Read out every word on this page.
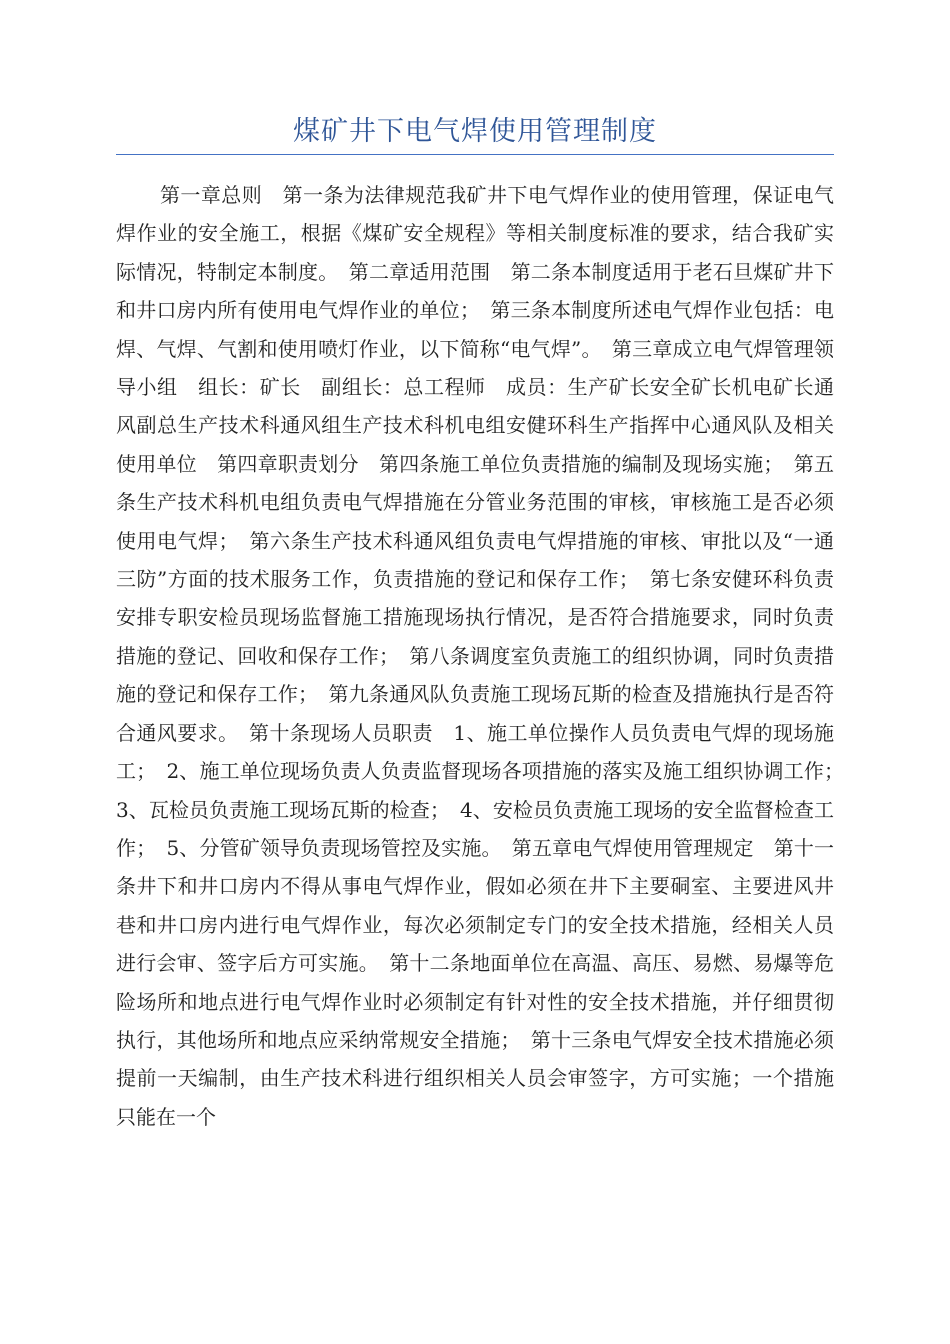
煤矿井下电气焊使用管理制度

第一章总则　第一条为法律规范我矿井下电气焊作业的使用管理，保证电气焊作业的安全施工，根据《煤矿安全规程》等相关制度标准的要求，结合我矿实际情况，特制定本制度。　第二章适用范围　第二条本制度适用于老石旦煤矿井下和井口房内所有使用电气焊作业的单位；　第三条本制度所述电气焊作业包括：电焊、气焊、气割和使用喷灯作业，以下简称“电气焊”。　第三章成立电气焊管理领导小组　组长：矿长　副组长：总工程师　成员：生产矿长安全矿长机电矿长通风副总生产技术科通风组生产技术科机电组安健环科生产指挥中心通风队及相关使用单位　第四章职责划分　第四条施工单位负责措施的编制及现场实施；　第五条生产技术科机电组负责电气焊措施在分管业务范围的审核，审核施工是否必须使用电气焊；　第六条生产技术科通风组负责电气焊措施的审核、审批以及“一通三防”方面的技术服务工作，负责措施的登记和保存工作；　第七条安健环科负责安排专职安检员现场监督施工措施现场执行情况，是否符合措施要求，同时负责措施的登记、回收和保存工作；　第八条调度室负责施工的组织协调，同时负责措施的登记和保存工作；　第九条通风队负责施工现场瓦斯的检查及措施执行是否符合通风要求。　第十条现场人员职责　1、施工单位操作人员负责电气焊的现场施工；　2、施工单位现场负责人负责监督现场各项措施的落实及施工组织协调工作；　3、瓦检员负责施工现场瓦斯的检查；　4、安检员负责施工现场的安全监督检查工作；　5、分管矿领导负责现场管控及实施。　第五章电气焊使用管理规定　第十一条井下和井口房内不得从事电气焊作业，假如必须在井下主要硐室、主要进风井巷和井口房内进行电气焊作业，每次必须制定专门的安全技术措施，经相关人员进行会审、签字后方可实施。　第十二条地面单位在高温、高压、易燃、易爆等危险场所和地点进行电气焊作业时必须制定有针对性的安全技术措施，并仔细贯彻执行，其他场所和地点应采纳常规安全措施；　第十三条电气焊安全技术措施必须提前一天编制，由生产技术科进行组织相关人员会审签字，方可实施；一个措施只能在一个
